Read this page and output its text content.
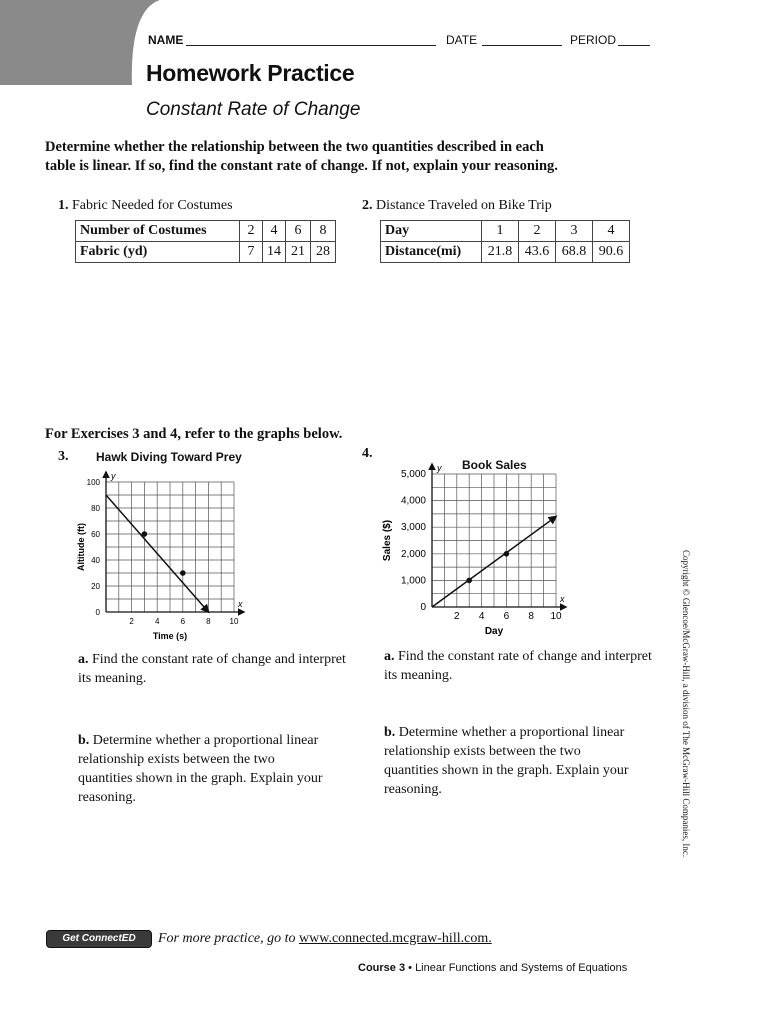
NAME	DATE	PERIOD
Homework Practice
Constant Rate of Change
Determine whether the relationship between the two quantities described in each table is linear. If so, find the constant rate of change. If not, explain your reasoning.
1. Fabric Needed for Costumes
Number of Costumes	2	4	6	8
Fabric (yd)	7	14	21	28
2. Distance Traveled on Bike Trip
Day	1	2	3	4
Distance(mi)	21.8	43.6	68.8	90.6
For Exercises 3 and 4, refer to the graphs below.
3. Hawk Diving Toward Prey
x
y
2	4	6	8 10
0
20
40
60
80
100
Time (s)
Altitude (ft)
4.
Book Sales
x
y
2 4 6 8 10
0
1,000
2,000
3,000
4,000
5,000
Day
Sales ($)
a. Find the constant rate of change and interpret its meaning.
b. Determine whether a proportional linear relationship exists between the two quantities shown in the graph. Explain your reasoning.
a. Find the constant rate of change and interpret its meaning.
b. Determine whether a proportional linear relationship exists between the two quantities shown in the graph. Explain your reasoning.	Copyright © Glencoe/McGraw-Hill, a division of The McGraw-Hill Companies, Inc.
Get ConnectED	For more practice, go to www.connected.mcgraw-hill.com.
Course 3 • Linear Functions and Systems of Equations
